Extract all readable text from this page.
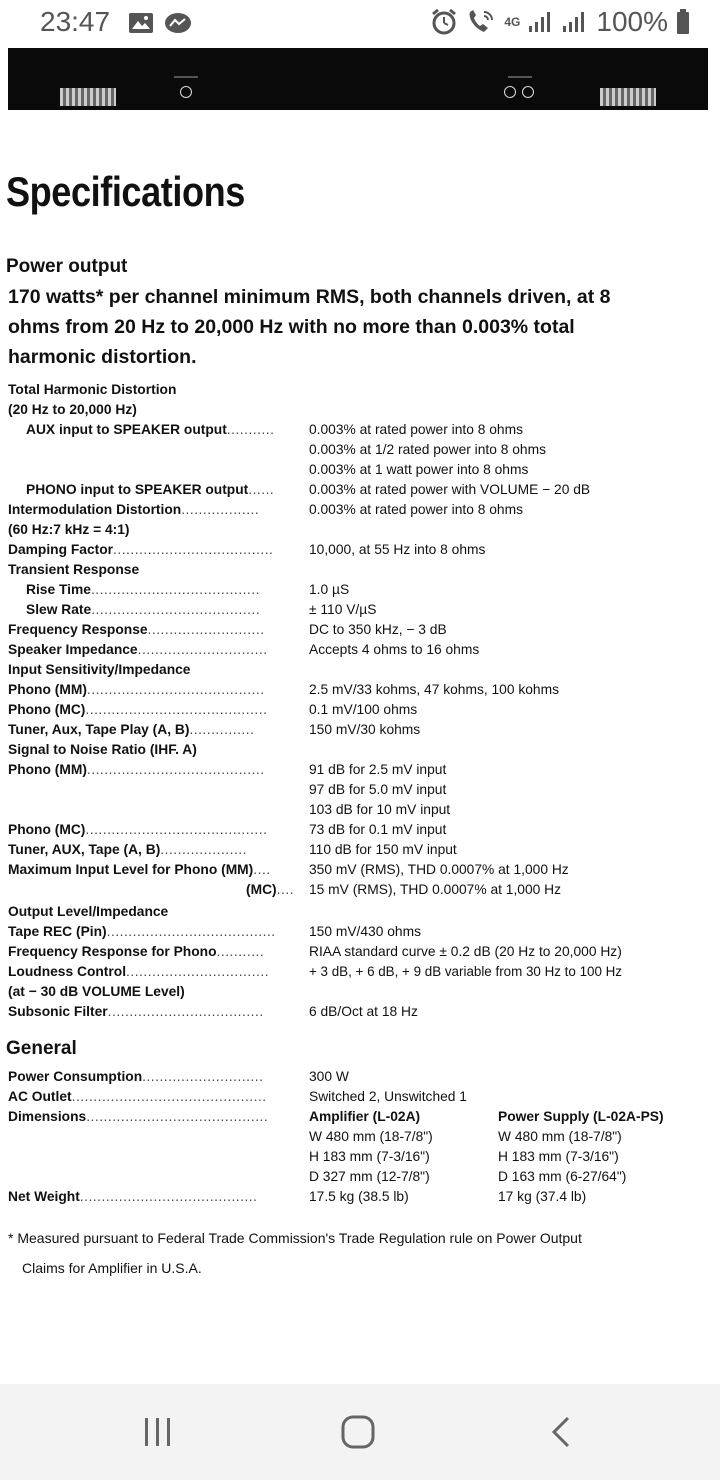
23:47	4G	100%
Specifications
Power output
170 watts* per channel minimum RMS, both channels driven, at 8
ohms from 20 Hz to 20,000 Hz with no more than 0.003% total
harmonic distortion.
Total Harmonic Distortion
(20 Hz to 20,000 Hz)
AUX input to SPEAKER output...........	0.003% at rated power into 8 ohms
0.003% at 1/2 rated power into 8 ohms
0.003% at 1 watt power into 8 ohms
PHONO input to SPEAKER output......	0.003% at rated power with VOLUME − 20 dB
Intermodulation Distortion..................	0.003% at rated power into 8 ohms
(60 Hz:7 kHz = 4:1)
Damping Factor.....................................	10,000, at 55 Hz into 8 ohms
Transient Response
Rise Time.......................................	1.0 µS
Slew Rate.......................................	± 110 V/µS
Frequency Response...........................	DC to 350 kHz, − 3 dB
Speaker Impedance..............................	Accepts 4 ohms to 16 ohms
Input Sensitivity/Impedance
Phono (MM).........................................	2.5 mV/33 kohms, 47 kohms, 100 kohms
Phono (MC)..........................................	0.1 mV/100 ohms
Tuner, Aux, Tape Play (A, B)...............	150 mV/30 kohms
Signal to Noise Ratio (IHF. A)
Phono (MM).........................................	91 dB for 2.5 mV input
97 dB for 5.0 mV input
103 dB for 10 mV input
Phono (MC)..........................................	73 dB for 0.1 mV input
Tuner, AUX, Tape (A, B)....................	110 dB for 150 mV input
Maximum Input Level for Phono (MM)....	350 mV (RMS), THD 0.0007% at 1,000 Hz
(MC).... 15 mV (RMS), THD 0.0007% at 1,000 Hz
Output Level/Impedance
Tape REC (Pin)....................................... 150 mV/430 ohms
Frequency Response for Phono...........	RIAA standard curve ± 0.2 dB (20 Hz to 20,000 Hz)
Loudness Control.................................	+ 3 dB, + 6 dB, + 9 dB variable from 30 Hz to 100 Hz
(at − 30 dB VOLUME Level)
Subsonic Filter....................................	6 dB/Oct at 18 Hz
General
Power Consumption............................	300 W
AC Outlet.............................................	Switched 2, Unswitched 1
Dimensions..........................................	Amplifier (L-02A)	Power Supply (L-02A-PS)
W 480 mm (18-7/8")	W 480 mm (18-7/8")
H 183 mm (7-3/16")	H 183 mm (7-3/16")
D 327 mm (12-7/8")	D 163 mm (6-27/64")
Net Weight.........................................	17.5 kg (38.5 lb)	17 kg (37.4 lb)
* Measured pursuant to Federal Trade Commission's Trade Regulation rule on Power Output
Claims for Amplifier in U.S.A.
